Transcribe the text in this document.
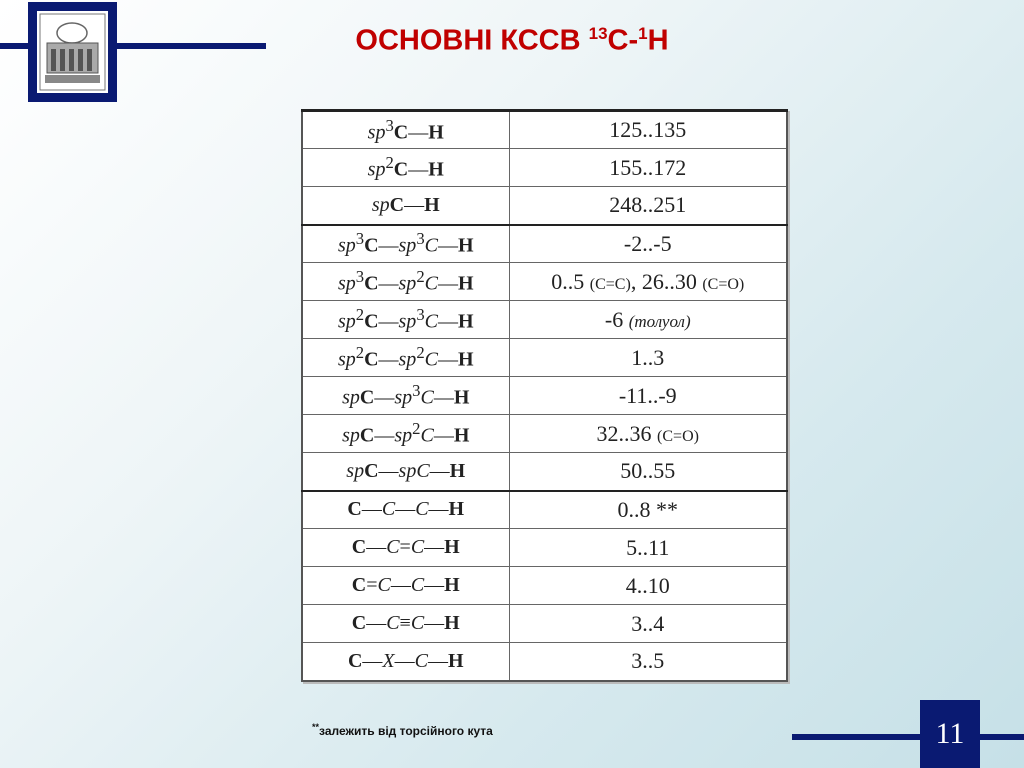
ОСНОВНІ КССВ $^{13}$С-$^1$Н
$sp^3C—H$	125..135
$sp^2C—H$	155..172
spC—H	248..251
$sp^3C—sp^3C—H$	-2..-5
$sp^3C—sp^2C—H$	0..5 (C=C), 26..30 (C=O)
$sp^2C—sp^3C—H$	-6 (толуол)
$sp^2C—sp^2C—H$	1..3
$spC—sp^3C—H$	-11..-9
$spC—sp^2C—H$	32..36 (C=O)
spC—spC—H	50..55
C—C—C—H	0..8 **
C—C=C—H	5..11
C=C—C—H	4..10
C—C≡C—H	3..4
C—X—C—H	3..5
**залежить від торсійного кута	11
